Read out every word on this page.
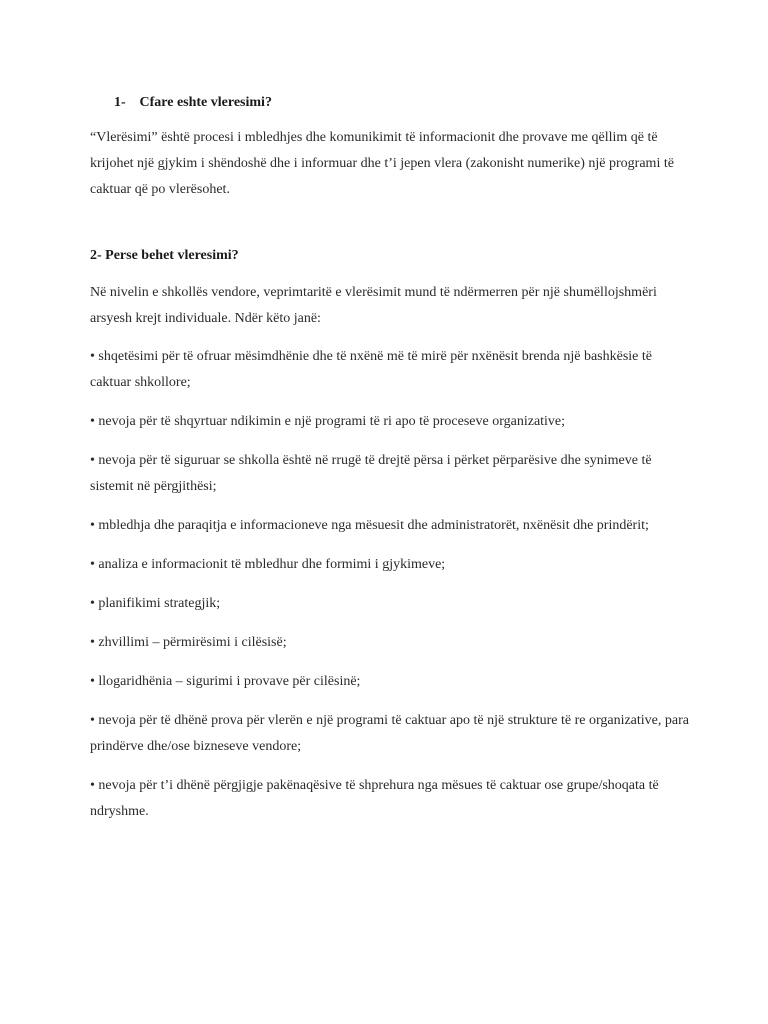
1- Cfare eshte vleresimi?

“Vlerësimi” është procesi i mbledhjes dhe komunikimit të informacionit dhe provave me qëllim që të krijohet një gjykim i shëndoshë dhe i informuar dhe t’i jepen vlera (zakonisht numerike) një programi të caktuar që po vlerësohet.

2- Perse behet vleresimi?

Në nivelin e shkollës vendore, veprimtaritë e vlerësimit mund të ndërmerren për një shumëllojshmëri arsyesh krejt individuale. Ndër këto janë:

• shqetësimi për të ofruar mësimdhënie dhe të nxënë më të mirë për nxënësit brenda një bashkësie të caktuar shkollore;
• nevoja për të shqyrtuar ndikimin e një programi të ri apo të proceseve organizative;
• nevoja për të siguruar se shkolla është në rrugë të drejtë përsa i përket përparësive dhe synimeve të sistemit në përgjithësi;
• mbledhja dhe paraqitja e informacioneve nga mësuesit dhe administratorët, nxënësit dhe prindërit;
• analiza e informacionit të mbledhur dhe formimi i gjykimeve;
• planifikimi strategjik;
• zhvillimi – përmirësimi i cilësisë;
• llogaridhënia – sigurimi i provave për cilësinë;
• nevoja për të dhënë prova për vlerën e një programi të caktuar apo të një strukture të re organizative, para prindërve dhe/ose bizneseve vendore;
• nevoja për t’i dhënë përgjigje pakënaqësive të shprehura nga mësues të caktuar ose grupe/shoqata të ndryshme.
